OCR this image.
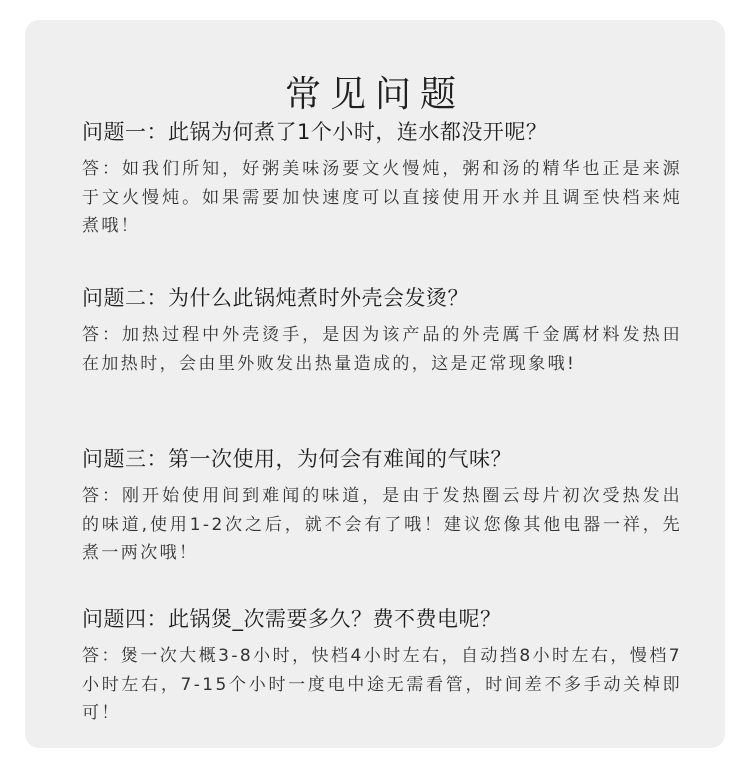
常见问题
问题一：此锅为何煮了1个小时，连水都没开呢？
答：如我们所知，好粥美味汤要文火慢炖，粥和汤的精华也正是来源于文火慢炖。如果需要加快速度可以直接使用开水并且调至快档来炖煮哦！
问题二：为什么此锅炖煮时外壳会发烫？
答：加热过程中外壳烫手，是因为该产品的外壳厲千金厲材料发热田在加热时，会由里外败发出热量造成的，这是疋常现象哦!
问题三：第一次使用，为何会有难闻的气味？
答：刚开始使用间到难闻的味道，是由于发热圈云母片初次受热发出的味道,使用1-2次之后，就不会有了哦！建议您像其他电器一祥，先煮一两次哦！
问题四：此锅煲_次需要多久？费不费电呢？
答：煲一次大概3-8小时，快档4小时左右，自动挡8小时左右，慢档7小时左右，7-15个小时一度电中途无需看管，时间差不多手动关棹即可！
